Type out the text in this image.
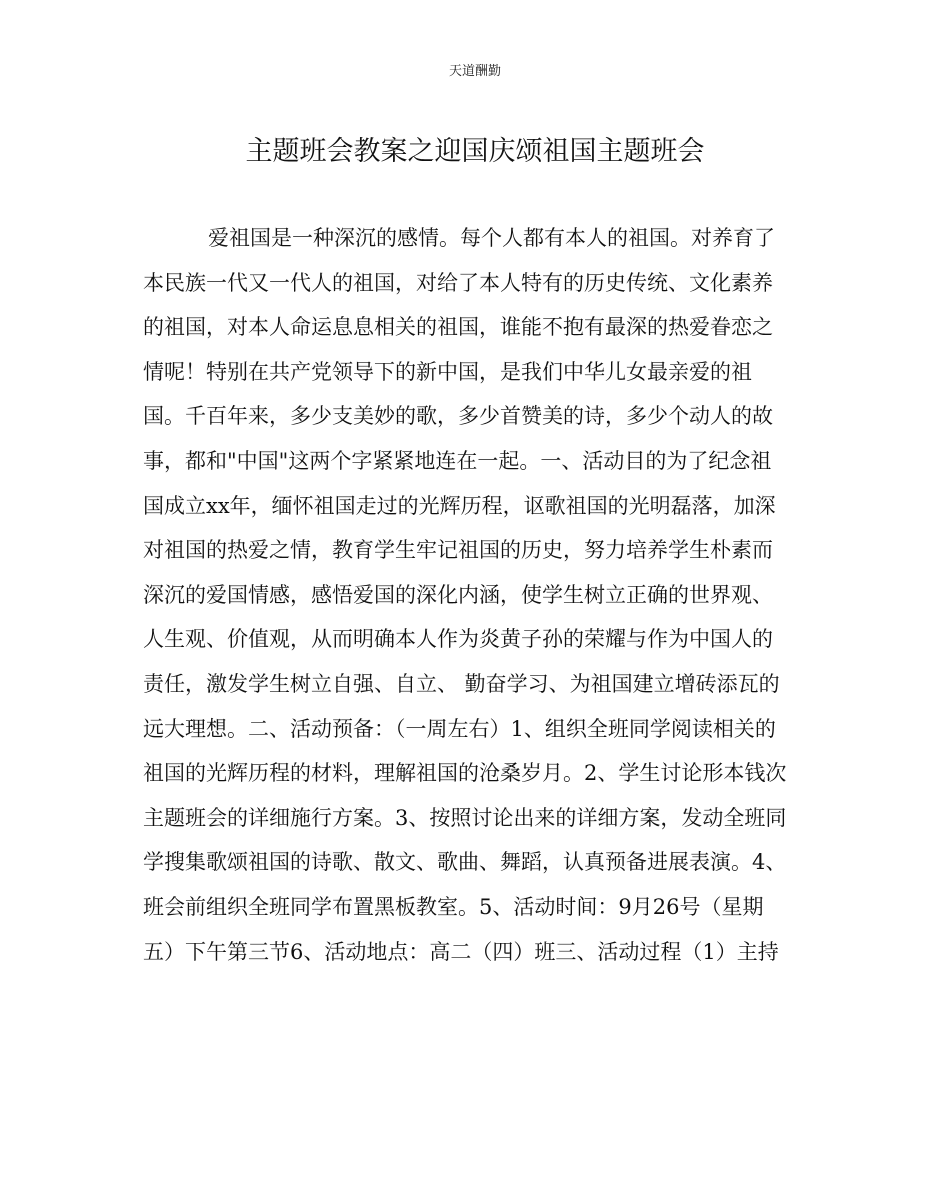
天道酬勤
主题班会教案之迎国庆颂祖国主题班会
爱祖国是一种深沉的感情。每个人都有本人的祖国。对养育了
本民族一代又一代人的祖国，对给了本人特有的历史传统、文化素养
的祖国，对本人命运息息相关的祖国，谁能不抱有最深的热爱眷恋之
情呢！特别在共产党领导下的新中国，是我们中华儿女最亲爱的祖
国。千百年来，多少支美妙的歌，多少首赞美的诗，多少个动人的故
事，都和"中国"这两个字紧紧地连在一起。一、活动目的为了纪念祖
国成立xx年，缅怀祖国走过的光辉历程，讴歌祖国的光明磊落，加深
对祖国的热爱之情，教育学生牢记祖国的历史，努力培养学生朴素而
深沉的爱国情感，感悟爱国的深化内涵，使学生树立正确的世界观、
人生观、价值观，从而明确本人作为炎黄子孙的荣耀与作为中国人的
责任，激发学生树立自强、自立、 勤奋学习、为祖国建立增砖添瓦的
远大理想。二、活动预备：（一周左右）1、组织全班同学阅读相关的
祖国的光辉历程的材料，理解祖国的沧桑岁月。2、学生讨论形本钱次
主题班会的详细施行方案。3、按照讨论出来的详细方案，发动全班同
学搜集歌颂祖国的诗歌、散文、歌曲、舞蹈，认真预备进展表演。4、
班会前组织全班同学布置黑板教室。5、活动时间：9月26号（星期
五）下午第三节6、活动地点：高二（四）班三、活动过程（1）主持
